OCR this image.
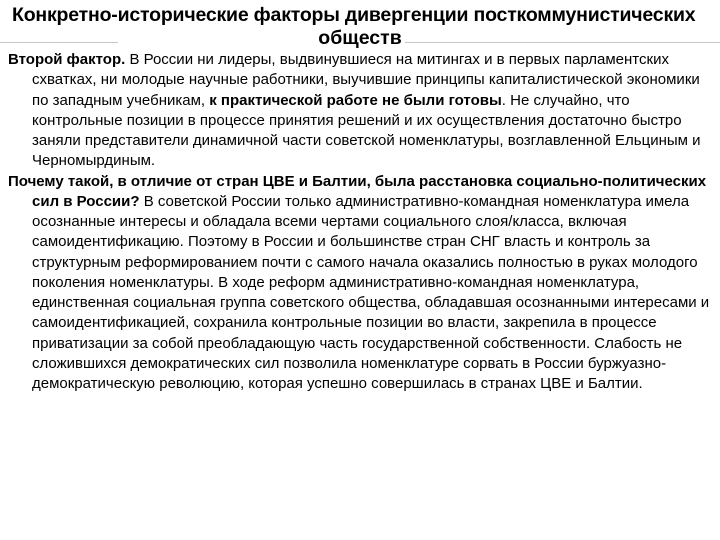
Конкретно-исторические факторы дивергенции посткоммунистических
обществ

Второй фактор. В России ни лидеры, выдвинувшиеся на митингах и в первых парламентских схватках, ни молодые научные работники, выучившие принципы капиталистической экономики по западным учебникам, к практической работе не были готовы. Не случайно, что контрольные позиции в процессе принятия решений и их осуществления достаточно быстро заняли представители динамичной части советской номенклатуры, возглавленной Ельциным и Черномырдиным.

Почему такой, в отличие от стран ЦВЕ и Балтии, была расстановка социально-политических сил в России? В советской России только административно-командная номенклатура имела осознанные интересы и обладала всеми чертами социального слоя/класса, включая самоидентификацию. Поэтому в России и большинстве стран СНГ власть и контроль за структурным реформированием почти с самого начала оказались полностью в руках молодого поколения номенклатуры. В ходе реформ административно-командная номенклатура, единственная социальная группа советского общества, обладавшая осознанными интересами и самоидентификацией, сохранила контрольные позиции во власти, закрепила в процессе приватизации за собой преобладающую часть государственной собственности. Слабость не сложившихся демократических сил позволила номенклатуре сорвать в России буржуазно-демократическую революцию, которая успешно совершилась в странах ЦВЕ и Балтии.
